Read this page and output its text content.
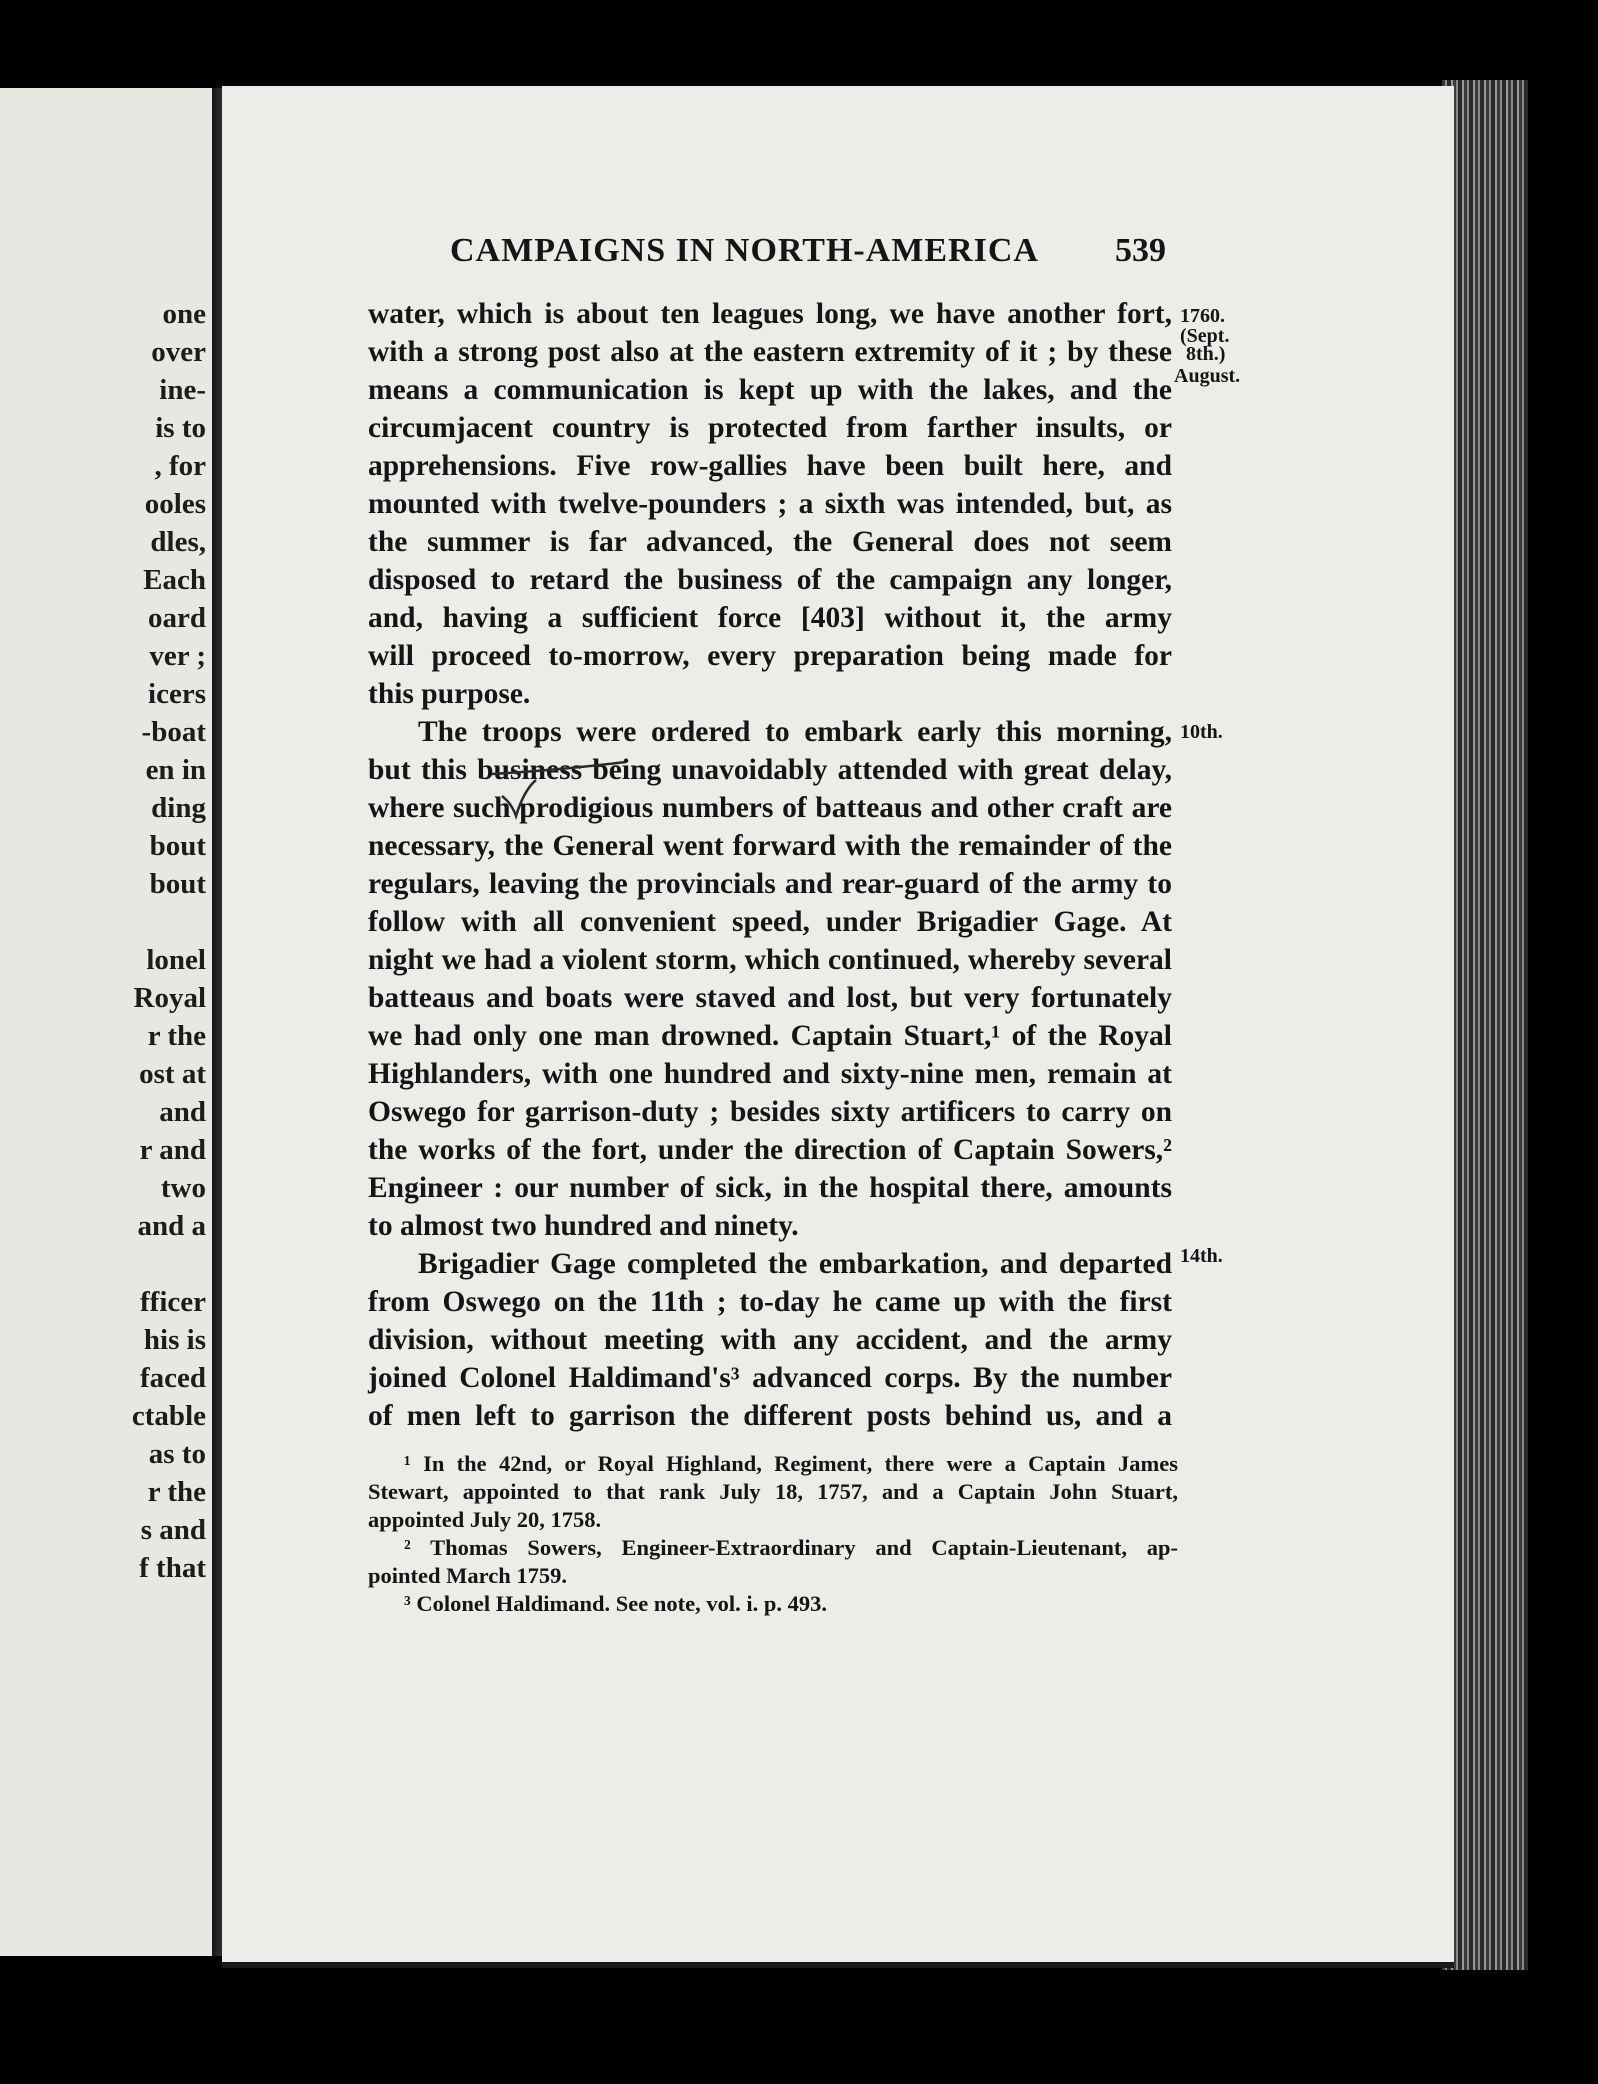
one
over
ine-
is to
, for
ooles
dles,
Each
oard
ver ;
icers
-boat
en in
ding
bout
bout
lonel
Royal
r the
ost at
and
r and
two
and a
fficer
his is
faced
ctable
as to
r the
s and
f that
CAMPAIGNS IN NORTH-AMERICA 539
1760.
(Sept.
8th.)
August.
10th.
14th.
water, which is about ten leagues long, we have another fort,
with a strong post also at the eastern extremity of it ; by these
means a communication is kept up with the lakes, and the
circumjacent country is protected from farther insults, or
apprehensions. Five row-gallies have been built here, and
mounted with twelve-pounders ; a sixth was intended, but, as
the summer is far advanced, the General does not seem
disposed to retard the business of the campaign any longer,
and, having a sufficient force [403] without it, the army
will proceed to-morrow, every preparation being made for
this purpose.
The troops were ordered to embark early this morning,
but this business being unavoidably attended with great delay,
where such prodigious numbers of batteaus and other craft are
necessary, the General went forward with the remainder of the
regulars, leaving the provincials and rear-guard of the army to
follow with all convenient speed, under Brigadier Gage. At
night we had a violent storm, which continued, whereby several
batteaus and boats were staved and lost, but very fortunately
we had only one man drowned. Captain Stuart,¹ of the Royal
Highlanders, with one hundred and sixty-nine men, remain at
Oswego for garrison-duty ; besides sixty artificers to carry on
the works of the fort, under the direction of Captain Sowers,²
Engineer : our number of sick, in the hospital there, amounts
to almost two hundred and ninety.
Brigadier Gage completed the embarkation, and departed
from Oswego on the 11th ; to-day he came up with the first
division, without meeting with any accident, and the army
joined Colonel Haldimand's³ advanced corps. By the number
of men left to garrison the different posts behind us, and a
¹ In the 42nd, or Royal Highland, Regiment, there were a Captain James
Stewart, appointed to that rank July 18, 1757, and a Captain John Stuart,
appointed July 20, 1758.
² Thomas Sowers, Engineer-Extraordinary and Captain-Lieutenant, ap-
pointed March 1759.
³ Colonel Haldimand. See note, vol. i. p. 493.
